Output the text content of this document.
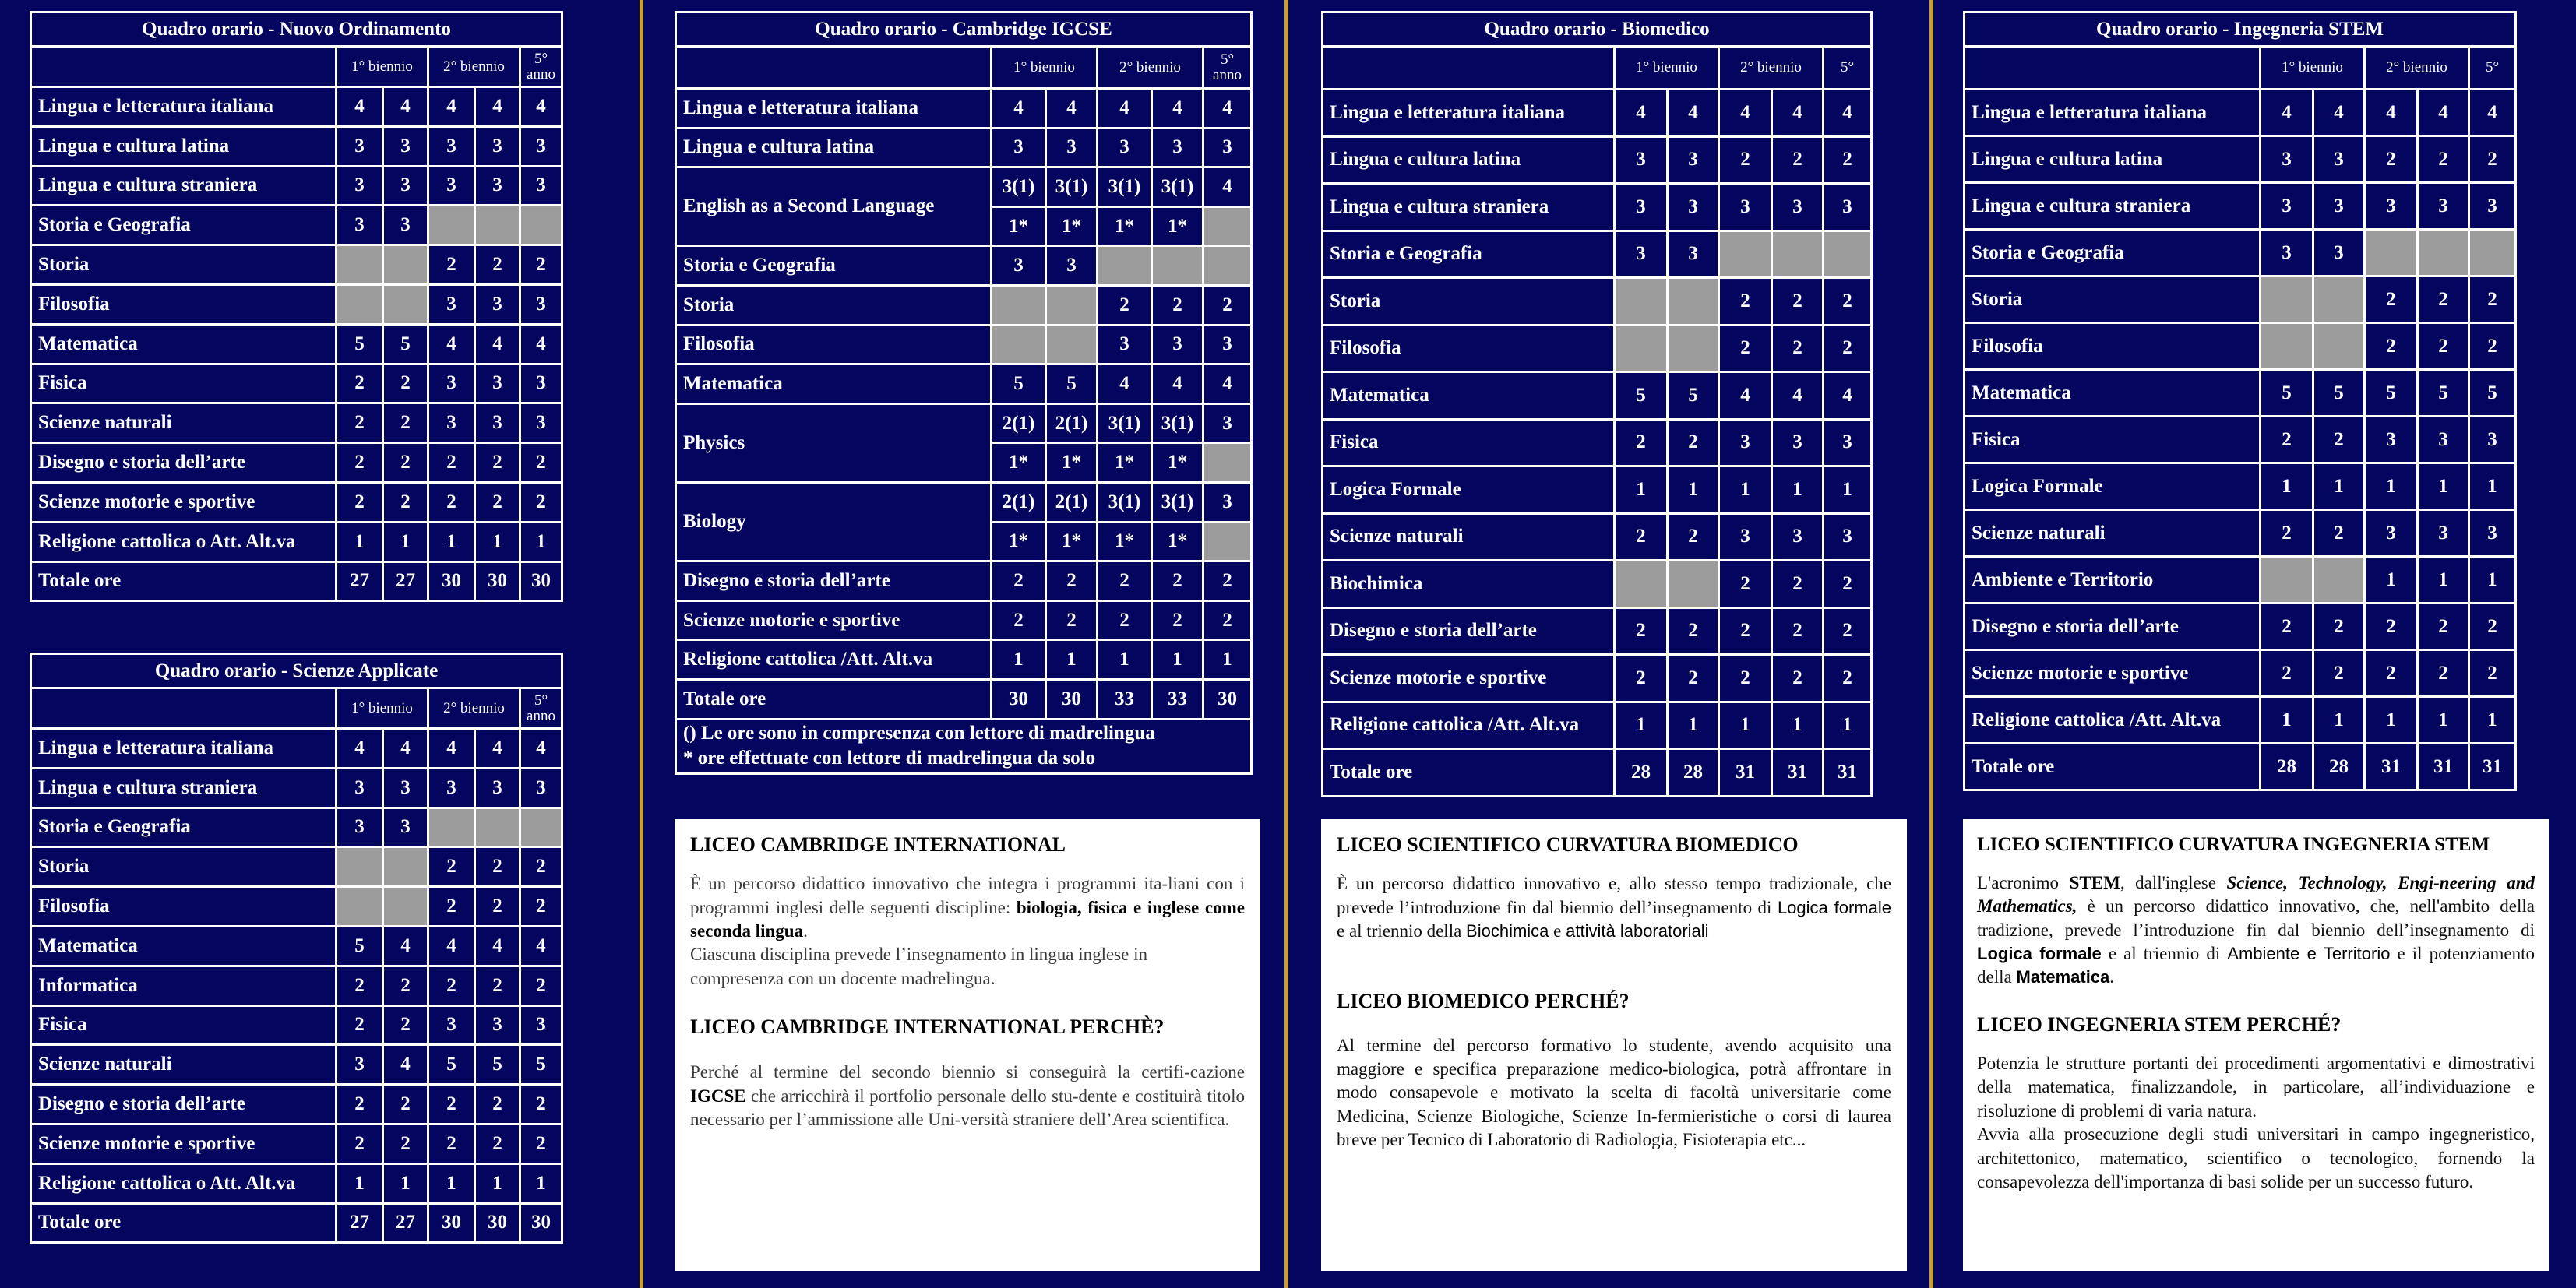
Quadro orario - Nuovo Ordinamento					
	1° biennio		2° biennio		5°
anno

Lingua e letteratura italiana	4	4	4	4	4
Lingua e cultura latina	3	3	3	3	3
Lingua e cultura straniera	3	3	3	3	3
Storia e Geografia	3	3			
Storia			2	2	2
Filosofia			3	3	3
Matematica	5	5	4	4	4
Fisica	2	2	3	3	3
Scienze naturali	2	2	3	3	3
Disegno e storia dell’arte	2	2	2	2	2
Scienze motorie e sportive	2	2	2	2	2
Religione cattolica o Att. Alt.va	1	1	1	1	1
Totale ore	27	27	30	30	30
Quadro orario - Scienze Applicate					
	1° biennio		2° biennio		5°
anno

Lingua e letteratura italiana	4	4	4	4	4
Lingua e cultura straniera	3	3	3	3	3
Storia e Geografia	3	3			
Storia			2	2	2
Filosofia			2	2	2
Matematica	5	4	4	4	4
Informatica	2	2	2	2	2
Fisica	2	2	3	3	3
Scienze naturali	3	4	5	5	5
Disegno e storia dell’arte	2	2	2	2	2
Scienze motorie e sportive	2	2	2	2	2
Religione cattolica o Att. Alt.va	1	1	1	1	1
Totale ore	27	27	30	30	30
Quadro orario - Cambridge IGCSE					
	1° biennio		2° biennio		5°
anno

Lingua e letteratura italiana	4	4	4	4	4
Lingua e cultura latina	3	3	3	3	3
English as a Second Language	3(1)	3(1)	3(1)	3(1)	4
	1*	1*	1*	1*	
Storia e Geografia	3	3			
Storia			2	2	2
Filosofia			3	3	3
Matematica	5	5	4	4	4
Physics	2(1)	2(1)	3(1)	3(1)	3
	1*	1*	1*	1*	
Biology	2(1)	2(1)	3(1)	3(1)	3
	1*	1*	1*	1*	
Disegno e storia dell’arte	2	2	2	2	2
Scienze motorie e sportive	2	2	2	2	2
Religione cattolica /Att. Alt.va	1	1	1	1	1
Totale ore	30	30	33	33	30

() Le ore sono in compresenza con lettore di madrelingua
* ore effettuate con lettore di madrelingua da solo					
Quadro orario - Biomedico					
	1° biennio		2° biennio		5°

Lingua e letteratura italiana	4	4	4	4	4
Lingua e cultura latina	3	3	2	2	2
Lingua e cultura straniera	3	3	3	3	3
Storia e Geografia	3	3			
Storia			2	2	2
Filosofia			2	2	2
Matematica	5	5	4	4	4
Fisica	2	2	3	3	3
Logica Formale	1	1	1	1	1
Scienze naturali	2	2	3	3	3
Biochimica			2	2	2
Disegno e storia dell’arte	2	2	2	2	2
Scienze motorie e sportive	2	2	2	2	2
Religione cattolica /Att. Alt.va	1	1	1	1	1
Totale ore	28	28	31	31	31
Quadro orario - Ingegneria STEM					
	1° biennio		2° biennio		5°

Lingua e letteratura italiana	4	4	4	4	4
Lingua e cultura latina	3	3	2	2	2
Lingua e cultura straniera	3	3	3	3	3
Storia e Geografia	3	3			
Storia			2	2	2
Filosofia			2	2	2
Matematica	5	5	5	5	5
Fisica	2	2	3	3	3
Logica Formale	1	1	1	1	1
Scienze naturali	2	2	3	3	3
Ambiente e Territorio			1	1	1
Disegno e storia dell’arte	2	2	2	2	2
Scienze motorie e sportive	2	2	2	2	2
Religione cattolica /Att. Alt.va	1	1	1	1	1
Totale ore	28	28	31	31	31
LICEO CAMBRIDGE INTERNATIONAL

È un percorso didattico innovativo che integra i programmi ita-liani con i programmi inglesi delle seguenti discipline: biologia, fisica e inglese come seconda lingua.

Ciascuna disciplina prevede l’insegnamento in lingua inglese in compresenza con un docente madrelingua.

LICEO CAMBRIDGE INTERNATIONAL PERCHÈ?

Perché al termine del secondo biennio si conseguirà la certifi-cazione IGCSE che arricchirà il portfolio personale dello stu-dente e costituirà titolo necessario per l’ammissione alle Uni-versità straniere dell’Area scientifica.

LICEO SCIENTIFICO CURVATURA BIOMEDICO

È un percorso didattico innovativo e, allo stesso tempo tradizionale, che prevede l’introduzione fin dal biennio dell’insegnamento di Logica formale e al triennio della Biochimica e attività laboratoriali

LICEO BIOMEDICO PERCHÉ?

Al termine del percorso formativo lo studente, avendo acquisito una maggiore e specifica preparazione medico-biologica, potrà affrontare in modo consapevole e motivato la scelta di facoltà universitarie come Medicina, Scienze Biologiche, Scienze In-fermieristiche o corsi di laurea breve per Tecnico di Laboratorio di Radiologia, Fisioterapia etc...

LICEO SCIENTIFICO CURVATURA INGEGNERIA STEM

L'acronimo STEM, dall'inglese Science, Technology, Engi-neering and Mathematics, è un percorso didattico innovativo, che, nell'ambito della tradizione, prevede l’introduzione fin dal biennio dell’insegnamento di Logica formale e al triennio di Ambiente e Territorio e il potenziamento della Matematica.

LICEO INGEGNERIA STEM PERCHÉ?

Potenzia le strutture portanti dei procedimenti argomentativi e dimostrativi della matematica, finalizzandole, in particolare, all’individuazione e risoluzione di problemi di varia natura.

Avvia alla prosecuzione degli studi universitari in campo ingegneristico, architettonico, matematico, scientifico o tecnologico, fornendo la consapevolezza dell'importanza di basi solide per un successo futuro.
